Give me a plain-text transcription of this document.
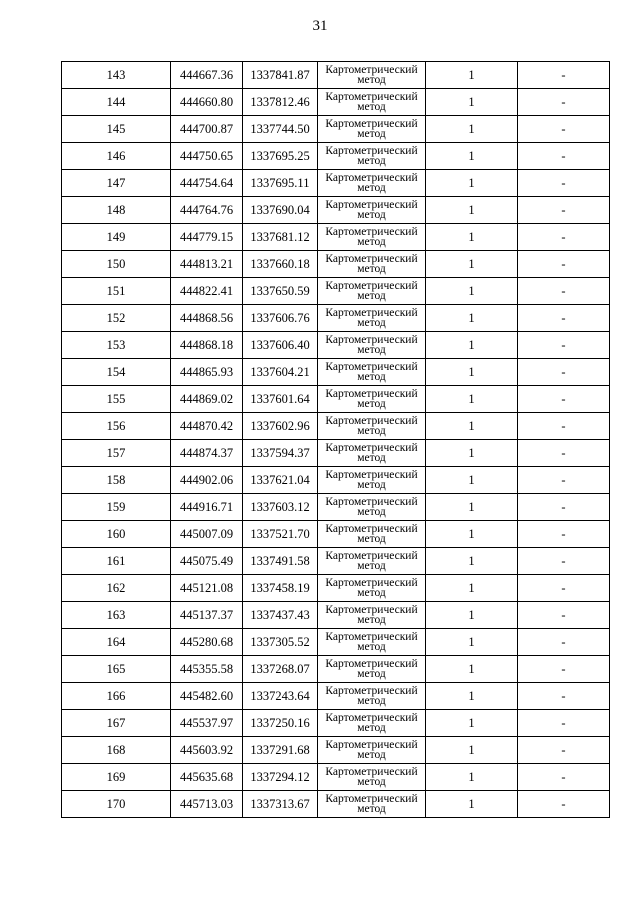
31
143	444667.36	1337841.87	Картометрический метод	1	-
144	444660.80	1337812.46	Картометрический метод	1	-
145	444700.87	1337744.50	Картометрический метод	1	-
146	444750.65	1337695.25	Картометрический метод	1	-
147	444754.64	1337695.11	Картометрический метод	1	-
148	444764.76	1337690.04	Картометрический метод	1	-
149	444779.15	1337681.12	Картометрический метод	1	-
150	444813.21	1337660.18	Картометрический метод	1	-
151	444822.41	1337650.59	Картометрический метод	1	-
152	444868.56	1337606.76	Картометрический метод	1	-
153	444868.18	1337606.40	Картометрический метод	1	-
154	444865.93	1337604.21	Картометрический метод	1	-
155	444869.02	1337601.64	Картометрический метод	1	-
156	444870.42	1337602.96	Картометрический метод	1	-
157	444874.37	1337594.37	Картометрический метод	1	-
158	444902.06	1337621.04	Картометрический метод	1	-
159	444916.71	1337603.12	Картометрический метод	1	-
160	445007.09	1337521.70	Картометрический метод	1	-
161	445075.49	1337491.58	Картометрический метод	1	-
162	445121.08	1337458.19	Картометрический метод	1	-
163	445137.37	1337437.43	Картометрический метод	1	-
164	445280.68	1337305.52	Картометрический метод	1	-
165	445355.58	1337268.07	Картометрический метод	1	-
166	445482.60	1337243.64	Картометрический метод	1	-
167	445537.97	1337250.16	Картометрический метод	1	-
168	445603.92	1337291.68	Картометрический метод	1	-
169	445635.68	1337294.12	Картометрический метод	1	-
170	445713.03	1337313.67	Картометрический метод	1	-
